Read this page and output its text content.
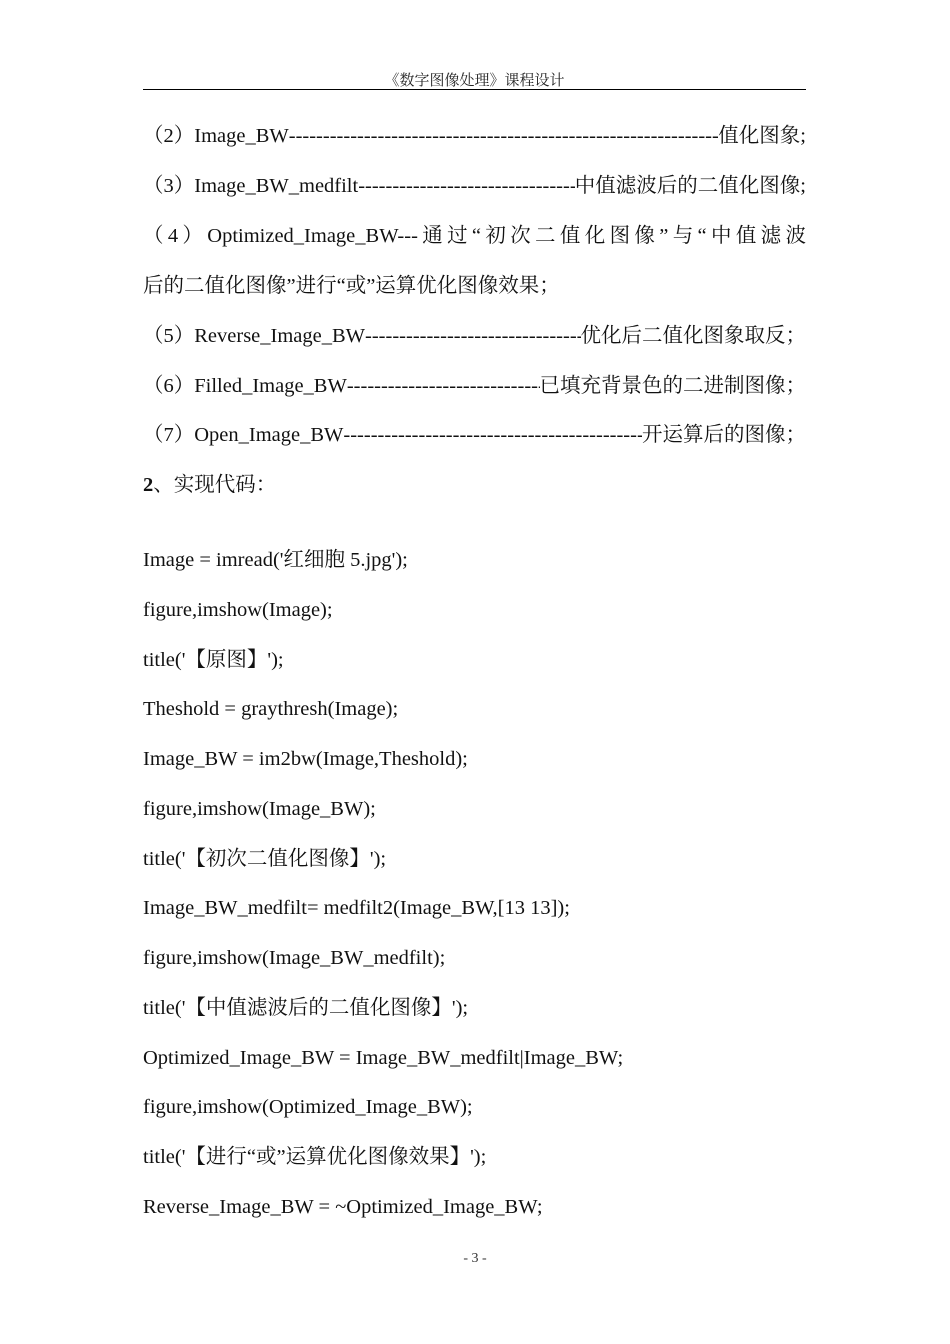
《数字图像处理》课程设计
（2） Image_BW -----	值化图象;
（3） Image_BW_medfilt -----	中值滤波后的二值化图像;
（4）Optimized_Image_BW---通过“初次二值化图像”与“中值滤波
后的二值化图像”进行“或”运算优化图像效果；
（5） Reverse_Image_BW -----	优化后二值化图象取反；
（6） Filled_Image_BW -----	已填充背景色的二进制图像；
（7） Open_Image_BW -----	开运算后的图像；
2、实现代码：
Image = imread('红细胞 5.jpg');
figure,imshow(Image);
title('【原图】');
Theshold = graythresh(Image);
Image_BW = im2bw(Image,Theshold);
figure,imshow(Image_BW);
title('【初次二值化图像】');
Image_BW_medfilt= medfilt2(Image_BW,[13 13]);
figure,imshow(Image_BW_medfilt);
title('【中值滤波后的二值化图像】');
Optimized_Image_BW = Image_BW_medfilt|Image_BW;
figure,imshow(Optimized_Image_BW);
title('【进行“或”运算优化图像效果】');
Reverse_Image_BW = ~Optimized_Image_BW;
- 3 -
